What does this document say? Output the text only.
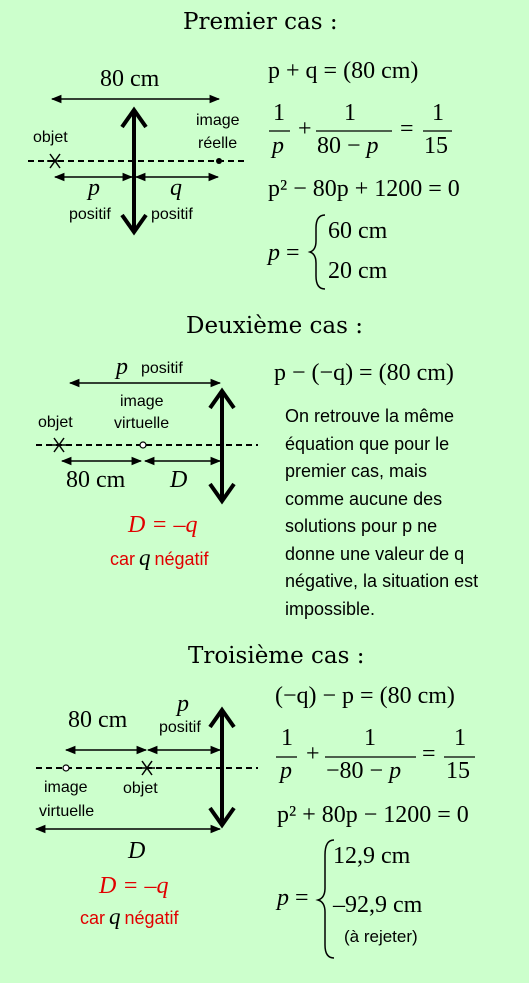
Premier cas :
80 cm
objet
image
réelle
p	q
positif	positif
p + q = (80 cm)
1
p
+
1
80 − p
=
1
15
p² − 80p + 1200 = 0
p =
60 cm
20 cm
Deuxième cas :
p positif
image
virtuelle
objet
80 cm D
D = –q
car q négatif
p − (−q) = (80 cm)
On retrouve la même équation que pour le premier cas, mais comme aucune des solutions pour p ne donne une valeur de q négative, la situation est impossible.
Troisième cas :
80 cm
p
positif
image
virtuelle
objet
D
D = –q
car q négatif
(−q) − p = (80 cm)
1
p
+
1
−80 − p
=
1
15
p² + 80p − 1200 = 0
p =
12,9 cm
–92,9 cm
(à rejeter)
